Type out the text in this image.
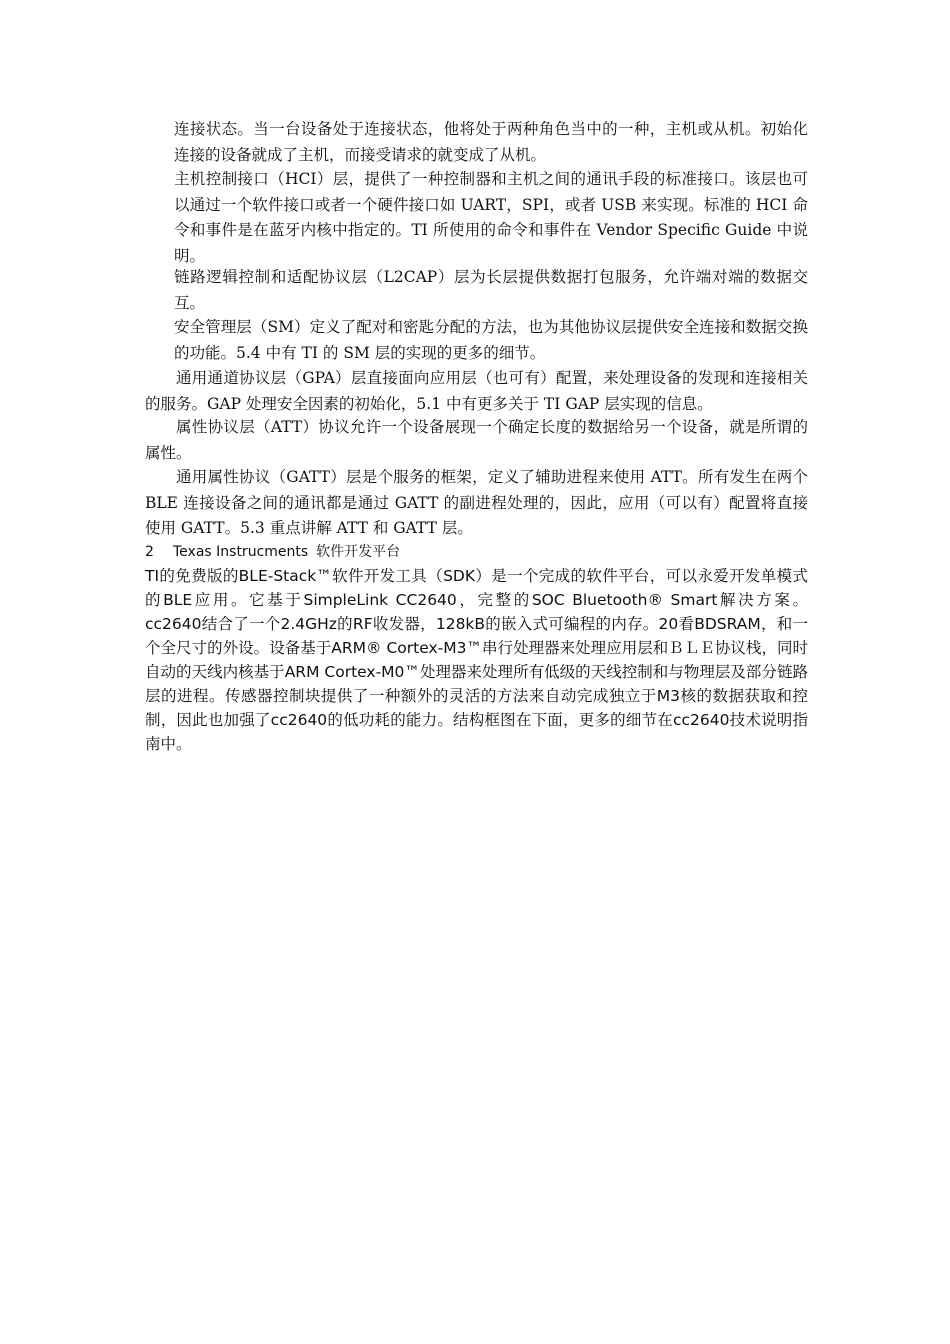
连接状态。当一台设备处于连接状态，他将处于两种角色当中的一种，主机或从机。初始化连接的设备就成了主机，而接受请求的就变成了从机。

主机控制接口（HCI）层，提供了一种控制器和主机之间的通讯手段的标准接口。该层也可以通过一个软件接口或者一个硬件接口如 UART，SPI，或者 USB 来实现。标准的 HCI 命令和事件是在蓝牙内核中指定的。TI 所使用的命令和事件在 Vendor Specific Guide 中说明。

链路逻辑控制和适配协议层（L2CAP）层为长层提供数据打包服务，允许端对端的数据交互。

安全管理层（SM）定义了配对和密匙分配的方法，也为其他协议层提供安全连接和数据交换的功能。5.4 中有 TI 的 SM 层的实现的更多的细节。

通用通道协议层（GPA）层直接面向应用层（也可有）配置，来处理设备的发现和连接相关的服务。GAP 处理安全因素的初始化，5.1 中有更多关于 TI GAP 层实现的信息。

属性协议层（ATT）协议允许一个设备展现一个确定长度的数据给另一个设备，就是所谓的属性。

通用属性协议（GATT）层是个服务的框架，定义了辅助进程来使用 ATT。所有发生在两个 BLE 连接设备之间的通讯都是通过 GATT 的副进程处理的，因此，应用（可以有）配置将直接使用 GATT。5.3 重点讲解 ATT 和 GATT 层。

2 Texas Instrucments 软件开发平台

TI的免费版的BLE-Stack™软件开发工具（SDK）是一个完成的软件平台，可以永爱开发单模式的BLE应用。它基于SimpleLink CC2640，完整的SOC Bluetooth® Smart解决方案。cc2640结合了一个2.4GHz的RF收发器，128kB的嵌入式可编程的内存。20看BDSRAM，和一个全尺寸的外设。设备基于ARM® Cortex-M3™串行处理器来处理应用层和ＢＬＥ协议栈，同时自动的天线内核基于ARM Cortex-M0™处理器来处理所有低级的天线控制和与物理层及部分链路层的进程。传感器控制块提供了一种额外的灵活的方法来自动完成独立于M3核的数据获取和控制，因此也加强了cc2640的低功耗的能力。结构框图在下面，更多的细节在cc2640技术说明指南中。
